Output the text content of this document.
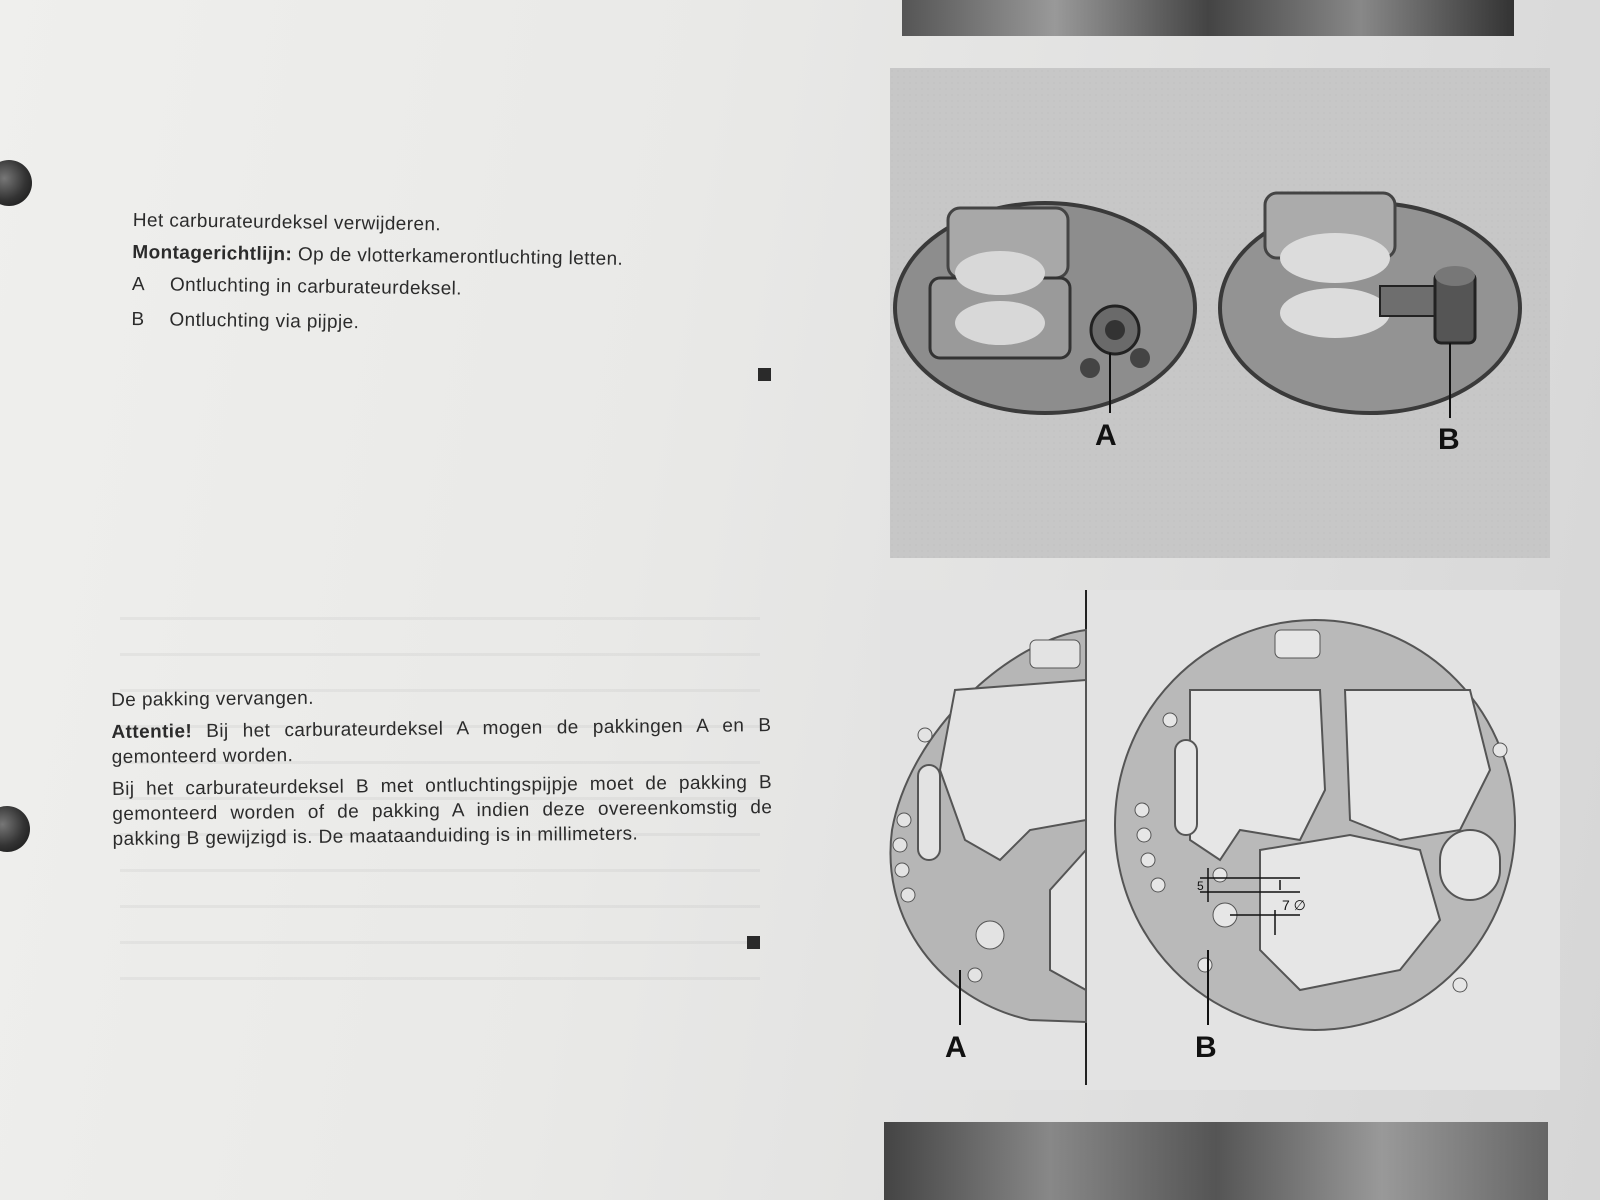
Het carburateurdeksel verwijderen.

Montagerichtlijn: Op de vlotterkamerontluchting letten.

A Ontluchting in carburateurdeksel.
B Ontluchting via pijpje.

De pakking vervangen.

Attentie! Bij het carburateurdeksel A mogen de pakkingen A en B gemonteerd worden.

Bij het carburateurdeksel B met ontluchtingspijpje moet de pakking B gemonteerd worden of de pakking A indien deze overeenkomstig de pakking B gewijzigd is. De maataanduiding is in millimeters.

A	B
A
5
7 ∅
B
